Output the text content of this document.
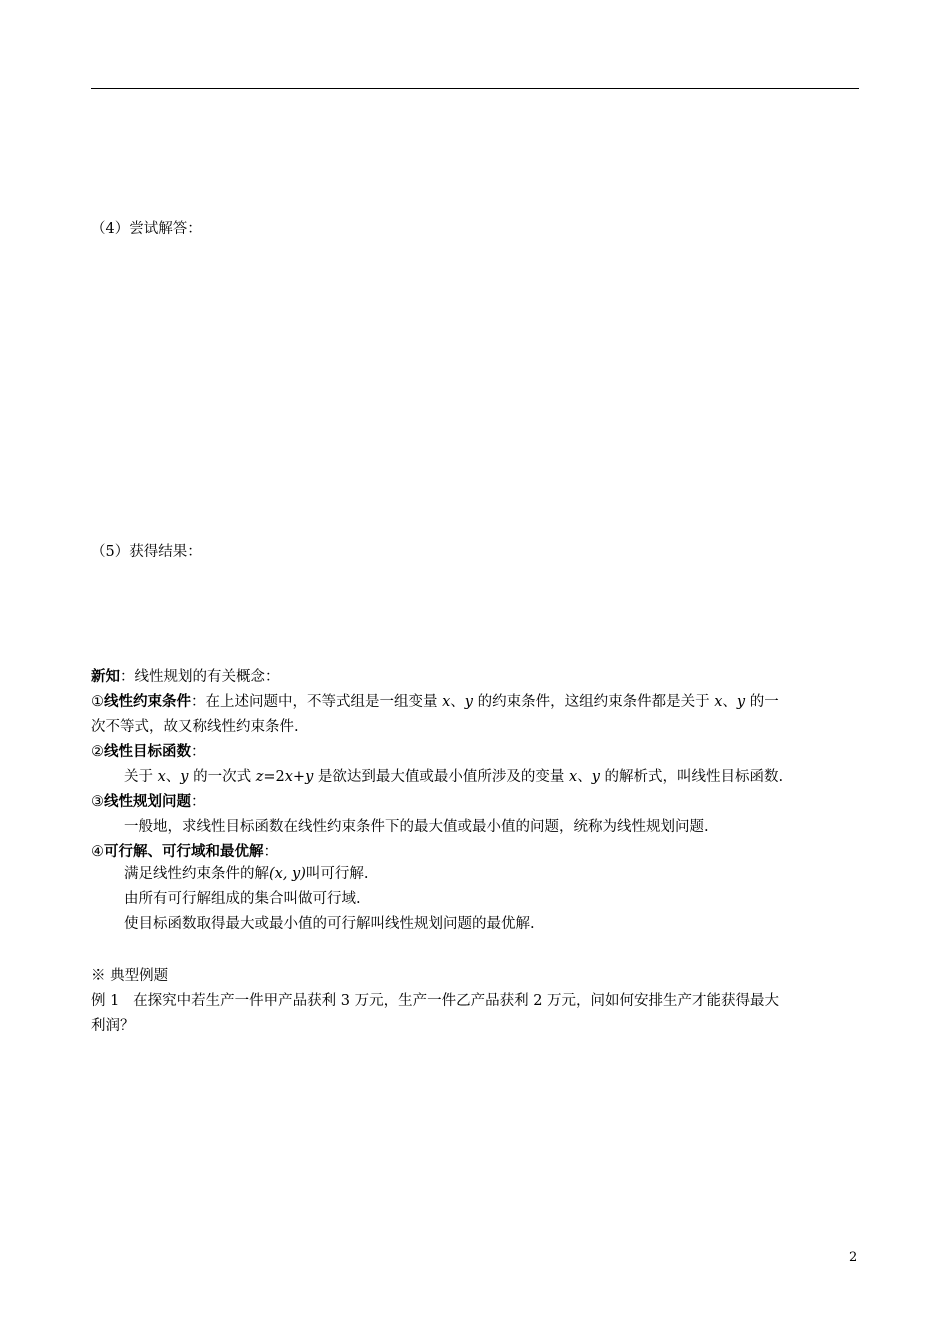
（4）尝试解答：
（5）获得结果：
新知：线性规划的有关概念：
①线性约束条件：在上述问题中，不等式组是一组变量 x、y 的约束条件，这组约束条件都是关于 x、y 的一
次不等式，故又称线性约束条件.
②线性目标函数：
关于 x、y 的一次式 z=2x+y 是欲达到最大值或最小值所涉及的变量 x、y 的解析式，叫线性目标函数.
③线性规划问题：
一般地，求线性目标函数在线性约束条件下的最大值或最小值的问题，统称为线性规划问题.
④可行解、可行域和最优解：
满足线性约束条件的解(x, y)叫可行解.
由所有可行解组成的集合叫做可行域.
使目标函数取得最大或最小值的可行解叫线性规划问题的最优解.
※ 典型例题
例 1 在探究中若生产一件甲产品获利 3 万元，生产一件乙产品获利 2 万元，问如何安排生产才能获得最大
利润？
2
